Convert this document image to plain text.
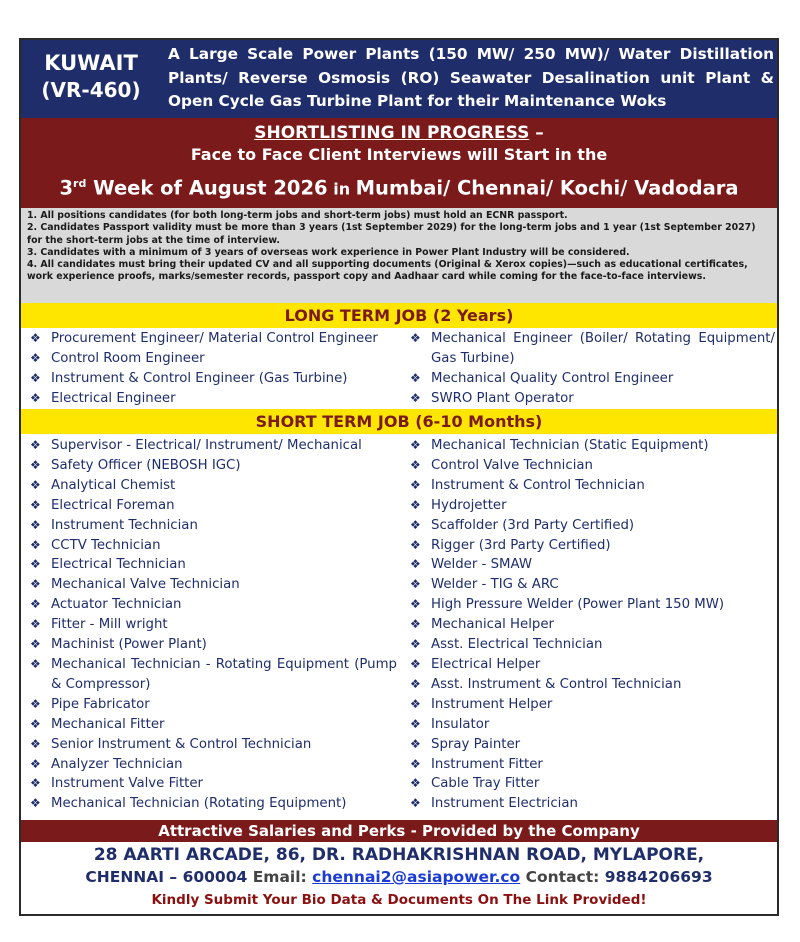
KUWAIT
(VR-460)
A Large Scale Power Plants (150 MW/ 250 MW)/ Water Distillation Plants/ Reverse Osmosis (RO) Seawater Desalination unit Plant & Open Cycle Gas Turbine Plant for their Maintenance Woks
SHORTLISTING IN PROGRESS –
Face to Face Client Interviews will Start in the
3rd Week of August 2026 in Mumbai/ Chennai/ Kochi/ Vadodara

1. All positions candidates (for both long-term jobs and short-term jobs) must hold an ECNR passport.

2. Candidates Passport validity must be more than 3 years (1st September 2029) for the long-term jobs and 1 year (1st September 2027) for the short-term jobs at the time of interview.

3. Candidates with a minimum of 3 years of overseas work experience in Power Plant Industry will be considered.

4. All candidates must bring their updated CV and all supporting documents (Original & Xerox copies)—such as educational certificates, work experience proofs, marks/semester records, passport copy and Aadhaar card while coming for the face-to-face interviews.

LONG TERM JOB (2 Years)
❖ Procurement Engineer/ Material Control Engineer
❖ Control Room Engineer
❖ Instrument & Control Engineer (Gas Turbine)
❖ Electrical Engineer
❖ Mechanical Engineer (Boiler/ Rotating Equipment/ Gas Turbine)
❖ Mechanical Quality Control Engineer
❖ SWRO Plant Operator
SHORT TERM JOB (6-10 Months)
❖ Supervisor - Electrical/ Instrument/ Mechanical
❖ Safety Officer (NEBOSH IGC)
❖ Analytical Chemist
❖ Electrical Foreman
❖ Instrument Technician
❖ CCTV Technician
❖ Electrical Technician
❖ Mechanical Valve Technician
❖ Actuator Technician
❖ Fitter - Mill wright
❖ Machinist (Power Plant)
❖ Mechanical Technician - Rotating Equipment (Pump & Compressor)
❖ Pipe Fabricator
❖ Mechanical Fitter
❖ Senior Instrument & Control Technician
❖ Analyzer Technician
❖ Instrument Valve Fitter
❖ Mechanical Technician (Rotating Equipment)
❖ Mechanical Technician (Static Equipment)
❖ Control Valve Technician
❖ Instrument & Control Technician
❖ Hydrojetter
❖ Scaffolder (3rd Party Certified)
❖ Rigger (3rd Party Certified)
❖ Welder - SMAW
❖ Welder - TIG & ARC
❖ High Pressure Welder (Power Plant 150 MW)
❖ Mechanical Helper
❖ Asst. Electrical Technician
❖ Electrical Helper
❖ Asst. Instrument & Control Technician
❖ Instrument Helper
❖ Insulator
❖ Spray Painter
❖ Instrument Fitter
❖ Cable Tray Fitter
❖ Instrument Electrician
Attractive Salaries and Perks - Provided by the Company
28 AARTI ARCADE, 86, DR. RADHAKRISHNAN ROAD, MYLAPORE,
CHENNAI – 600004 Email: chennai2@asiapower.co Contact: 9884206693
Kindly Submit Your Bio Data & Documents On The Link Provided!
